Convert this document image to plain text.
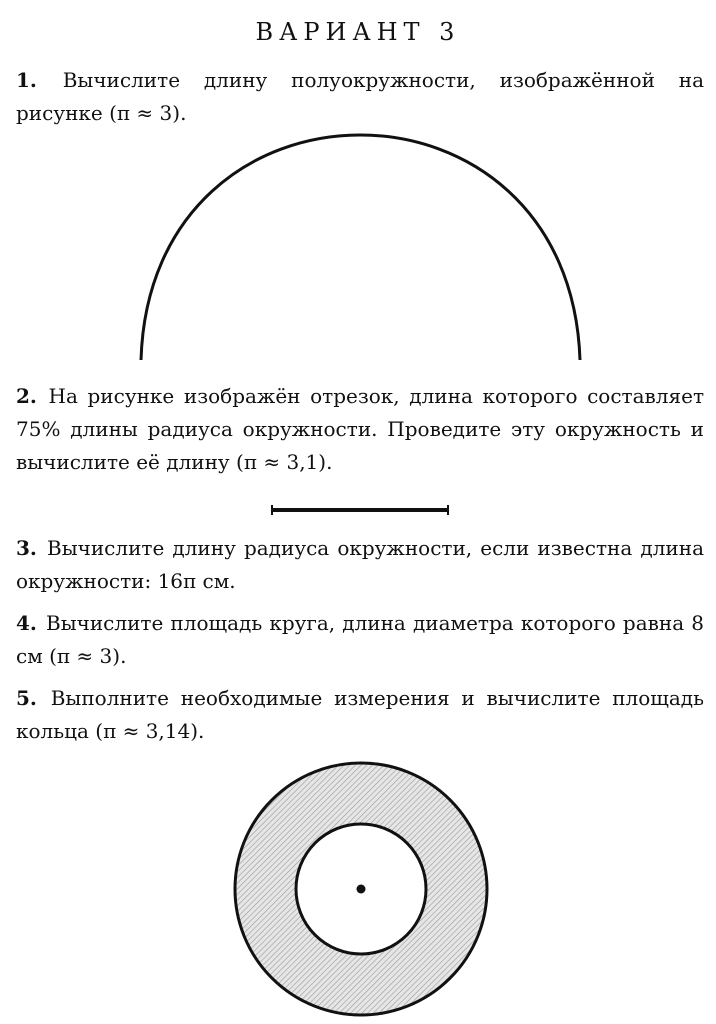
ВАРИАНТ 3
1. Вычислите длину полуокружности, изображённой на рисунке (π ≈ 3).
2. На рисунке изображён отрезок, длина которого составляет 75% длины радиуса окружности. Проведите эту окружность и вычислите её длину (π ≈ 3,1).
3. Вычислите длину радиуса окружности, если известна длина окружности: 16π см.
4. Вычислите площадь круга, длина диаметра которого равна 8 см (π ≈ 3).
5. Выполните необходимые измерения и вычислите площадь кольца (π ≈ 3,14).
